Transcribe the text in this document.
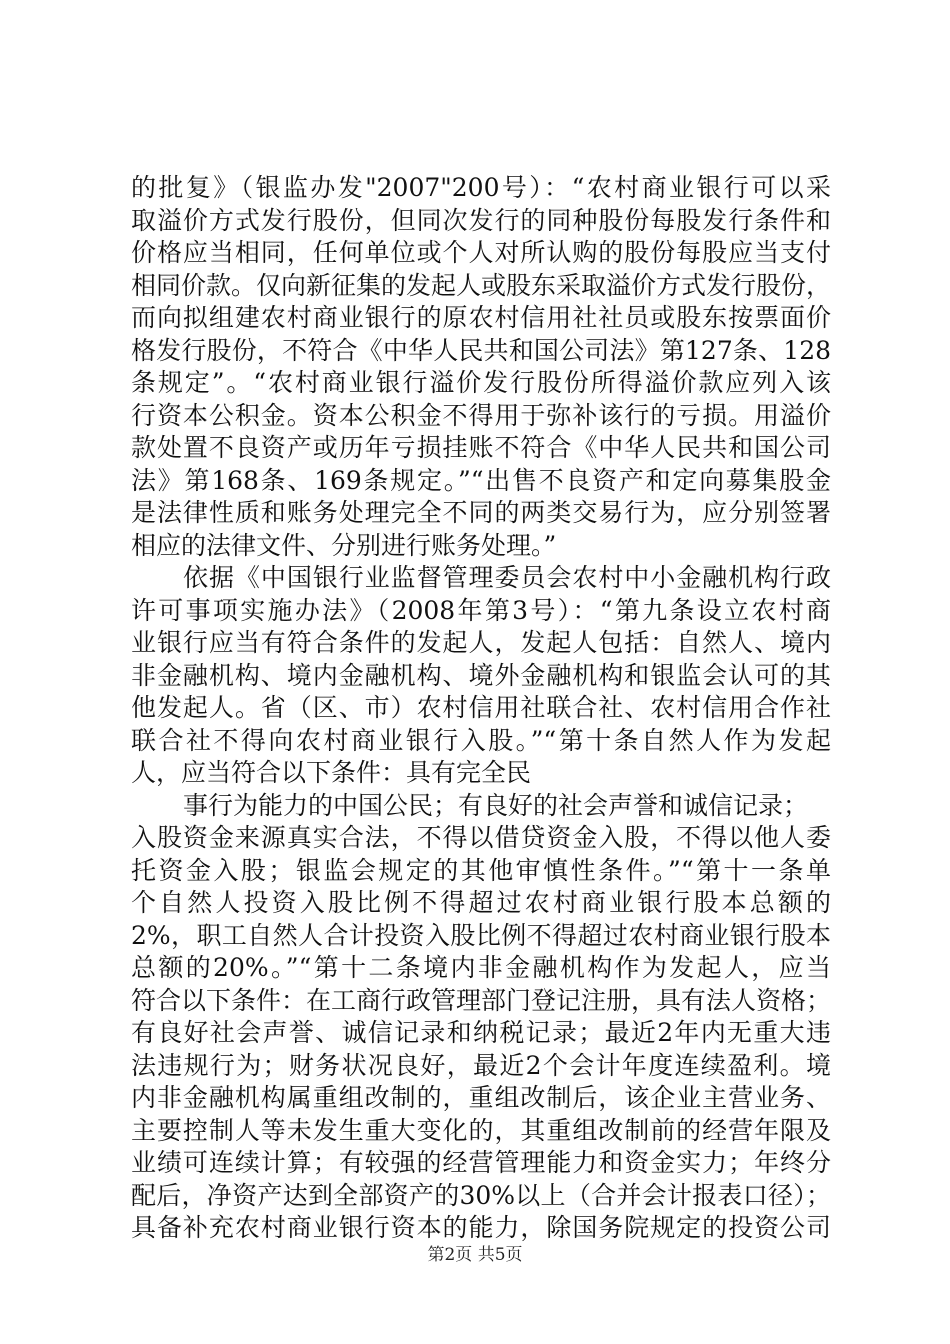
的批复》（银监办发"2007"200号）：“农村商业银行可以采
取溢价方式发行股份，但同次发行的同种股份每股发行条件和
价格应当相同，任何单位或个人对所认购的股份每股应当支付
相同价款。仅向新征集的发起人或股东采取溢价方式发行股份，
而向拟组建农村商业银行的原农村信用社社员或股东按票面价
格发行股份，不符合《中华人民共和国公司法》第127条、128
条规定”。“农村商业银行溢价发行股份所得溢价款应列入该
行资本公积金。资本公积金不得用于弥补该行的亏损。用溢价
款处置不良资产或历年亏损挂账不符合《中华人民共和国公司
法》第168条、169条规定。”“出售不良资产和定向募集股金
是法律性质和账务处理完全不同的两类交易行为，应分别签署
相应的法律文件、分别进行账务处理。”
依据《中国银行业监督管理委员会农村中小金融机构行政
许可事项实施办法》（2008年第3号）：“第九条设立农村商
业银行应当有符合条件的发起人，发起人包括：自然人、境内
非金融机构、境内金融机构、境外金融机构和银监会认可的其
他发起人。省（区、市）农村信用社联合社、农村信用合作社
联合社不得向农村商业银行入股。”“第十条自然人作为发起
人，应当符合以下条件：具有完全民
事行为能力的中国公民；有良好的社会声誉和诚信记录；
入股资金来源真实合法，不得以借贷资金入股，不得以他人委
托资金入股；银监会规定的其他审慎性条件。”“第十一条单
个自然人投资入股比例不得超过农村商业银行股本总额的
2%，职工自然人合计投资入股比例不得超过农村商业银行股本
总额的20%。”“第十二条境内非金融机构作为发起人，应当
符合以下条件：在工商行政管理部门登记注册，具有法人资格；
有良好社会声誉、诚信记录和纳税记录；最近2年内无重大违
法违规行为；财务状况良好，最近2个会计年度连续盈利。境
内非金融机构属重组改制的，重组改制后，该企业主营业务、
主要控制人等未发生重大变化的，其重组改制前的经营年限及
业绩可连续计算；有较强的经营管理能力和资金实力；年终分
配后，净资产达到全部资产的30%以上（合并会计报表口径）；
具备补充农村商业银行资本的能力，除国务院规定的投资公司
第2页 共5页
